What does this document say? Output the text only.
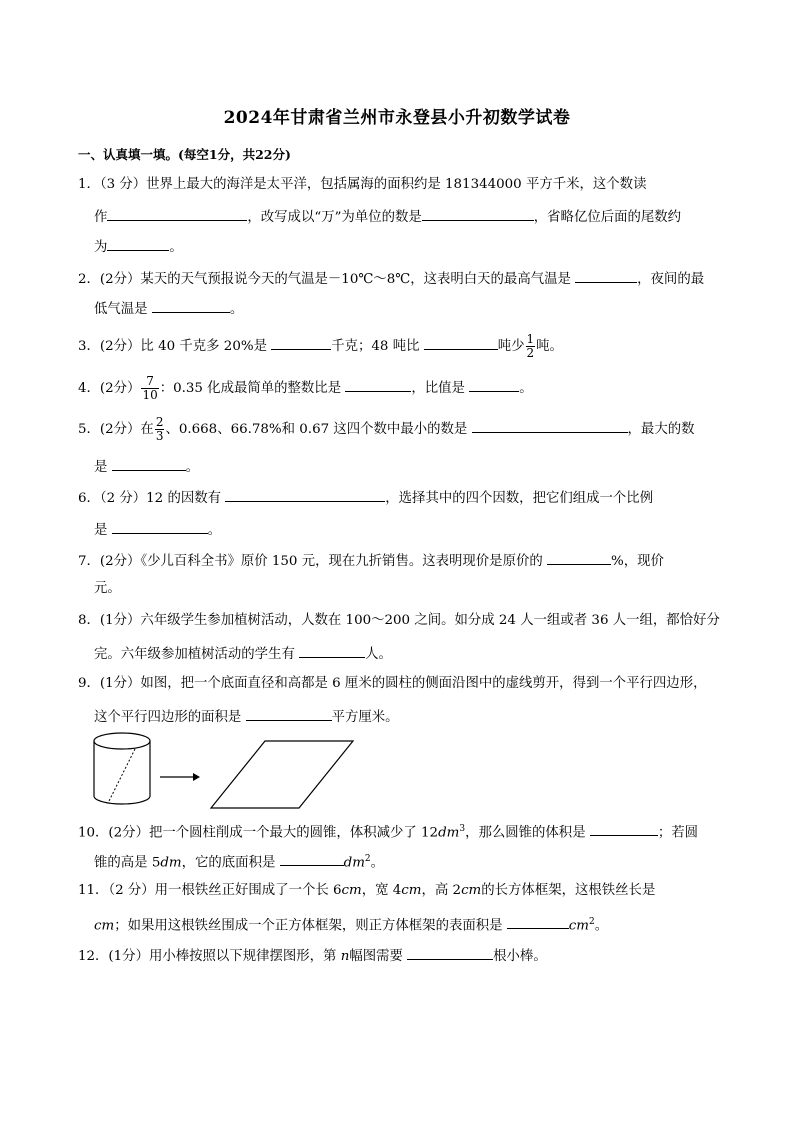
2024年甘肃省兰州市永登县小升初数学试卷
一、认真填一填。(每空1分，共22分)
1．（3 分）世界上最大的海洋是太平洋，包括属海的面积约是 181344000 平方千米，这个数读
作	，改写成以“万”为单位的数是	，省略亿位后面的尾数约
为	。
2．(2分）某天的天气预报说今天的气温是－10℃～8℃，这表明白天的最高气温是	，夜间的最
低气温是	。
3．(2分）比 40 千克多 20%是	千克；48 吨比	吨少 $\frac{1}{2}$ 吨。
4．(2分） $\frac{7}{10}$ ：0.35 化成最简单的整数比是	，比值是	。
5．(2分）在 $\frac{2}{3}$ 、0.668、66.78%和 0.67 这四个数中最小的数是	，最大的数
是	。
6．（2 分）12 的因数有	，选择其中的四个因数，把它们组成一个比例
是	。
7．(2分）《少儿百科全书》原价 150 元，现在九折销售。这表明现价是原价的	%，现价
元。
8．(1分）六年级学生参加植树活动，人数在 100～200 之间。如分成 24 人一组或者 36 人一组，都恰好分
完。六年级参加植树活动的学生有	人。
9．(1分）如图，把一个底面直径和高都是 6 厘米的圆柱的侧面沿图中的虚线剪开，得到一个平行四边形，
这个平行四边形的面积是	平方厘米。
10．(2分）把一个圆柱削成一个最大的圆锥，体积减少了 $12dm^3$，那么圆锥的体积是	；若圆
锥的高是 5dm，它的底面积是	$dm^2$。
11．（2 分）用一根铁丝正好围成了一个长 6cm，宽 4cm，高 2cm的长方体框架，这根铁丝长是
cm；如果用这根铁丝围成一个正方体框架，则正方体框架的表面积是	$cm^2$。
12．(1分）用小棒按照以下规律摆图形，第 n幅图需要	根小棒。
